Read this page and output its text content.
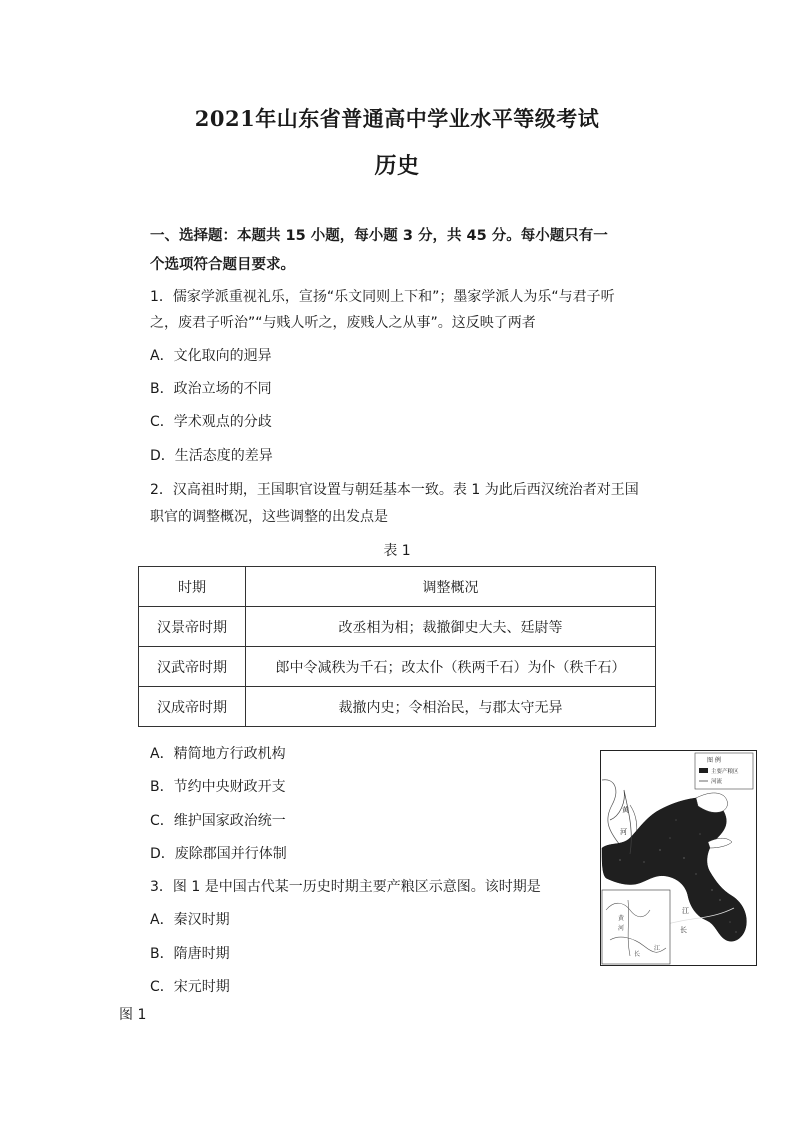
2021年山东省普通高中学业水平等级考试
历史
一、选择题：本题共 15 小题，每小题 3 分，共 45 分。每小题只有一
个选项符合题目要求。
1．儒家学派重视礼乐，宣扬“乐文同则上下和”；墨家学派人为乐“与君子听
之，废君子听治”“与贱人听之，废贱人之从事”。这反映了两者
A．文化取向的迥异
B．政治立场的不同
C．学术观点的分歧
D．生活态度的差异
2．汉高祖时期，王国职官设置与朝廷基本一致。表 1 为此后西汉统治者对王国
职官的调整概况，这些调整的出发点是
表 1
时期	调整概况
汉景帝时期	改丞相为相；裁撤御史大夫、廷尉等
汉武帝时期	郎中令减秩为千石；改太仆（秩两千石）为仆（秩千石）
汉成帝时期	裁撤内史；令相治民，与郡太守无异
A．精简地方行政机构
B．节约中央财政开支
C．维护国家政治统一
D．废除郡国并行体制
3．图 1 是中国古代某一历史时期主要产粮区示意图。该时期是
A．秦汉时期
B．隋唐时期
C．宋元时期
图 1
图 例
主要产粮区
河流
黄
河
江
长
黄
河
长
江
